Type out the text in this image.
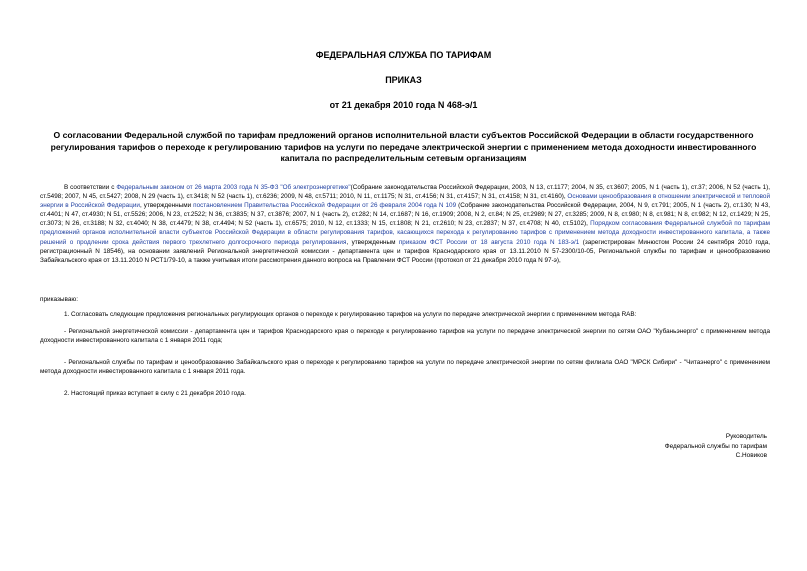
ФЕДЕРАЛЬНАЯ СЛУЖБА ПО ТАРИФАМ
ПРИКАЗ
от 21 декабря 2010 года N 468-э/1
О согласовании Федеральной службой по тарифам предложений органов исполнительной власти субъектов Российской Федерации в области государственного регулирования тарифов о переходе к регулированию тарифов на услуги по передаче электрической энергии с применением метода доходности инвестированного капитала по распределительным сетевым организациям
В соответствии с Федеральным законом от 26 марта 2003 года N 35-ФЗ "Об электроэнергетике"(Собрание законодательства Российской Федерации, 2003, N 13, ст.1177; 2004, N 35, ст.3607; 2005, N 1 (часть 1), ст.37; 2006, N 52 (часть 1), ст.5498; 2007, N 45, ст.5427; 2008, N 29 (часть 1), ст.3418; N 52 (часть 1), ст.6236; 2009, N 48, ст.5711; 2010, N 11, ст.1175; N 31, ст.4156; N 31, ст.4157; N 31, ст.4158; N 31, ст.4160), Основами ценообразования в отношении электрической и тепловой энергии в Российской Федерации, утвержденными постановлением Правительства Российской Федерации от 26 февраля 2004 года N 109 (Собрание законодательства Российской Федерации, 2004, N 9, ст.791; 2005, N 1 (часть 2), ст.130; N 43, ст.4401; N 47, ст.4930; N 51, ст.5526; 2006, N 23, ст.2522; N 36, ст.3835; N 37, ст.3876; 2007, N 1 (часть 2), ст.282; N 14, ст.1687; N 16, ст.1909; 2008, N 2, ст.84; N 25, ст.2989; N 27, ст.3285; 2009, N 8, ст.980; N 8, ст.981; N 8, ст.982; N 12, ст.1429; N 25, ст.3073; N 26, ст.3188; N 32, ст.4040; N 38, ст.4479; N 38, ст.4494; N 52 (часть 1), ст.6575; 2010, N 12, ст.1333; N 15, ст.1808; N 21, ст.2610; N 23, ст.2837; N 37, ст.4708; N 40, ст.5102), Порядком согласования Федеральной службой по тарифам предложений органов исполнительной власти субъектов Российской Федерации в области регулирования тарифов, касающихся перехода к регулированию тарифов с применением метода доходности инвестированного капитала, а также решений о продлении срока действия первого трехлетнего долгосрочного периода регулирования, утвержденным приказом ФСТ России от 18 августа 2010 года N 183-э/1 (зарегистрирован Минюстом России 24 сентября 2010 года, регистрационный N 18546), на основании заявлений Региональной энергетической комиссии - департамента цен и тарифов Краснодарского края от 13.11.2010 N 57-2300/10-05, Региональной службы по тарифам и ценообразованию Забайкальского края от 13.11.2010 N РСТ1/79-10, а также учитывая итоги рассмотрения данного вопроса на Правлении ФСТ России (протокол от 21 декабря 2010 года N 97-э),
приказываю:
1. Согласовать следующие предложения региональных регулирующих органов о переходе к регулированию тарифов на услуги по передаче электрической энергии с применением метода RAB:
- Региональной энергетической комиссии - департамента цен и тарифов Краснодарского края о переходе к регулированию тарифов на услуги по передаче электрической энергии по сетям ОАО "Кубаньэнерго" с применением метода доходности инвестированного капитала с 1 января 2011 года;
- Региональной службы по тарифам и ценообразованию Забайкальского края о переходе к регулированию тарифов на услуги по передаче электрической энергии по сетям филиала ОАО "МРСК Сибири" - "Читаэнерго" с применением метода доходности инвестированного капитала с 1 января 2011 года.
2. Настоящий приказ вступает в силу с 21 декабря 2010 года.
Руководитель
Федеральной службы по тарифам
С.Новиков
